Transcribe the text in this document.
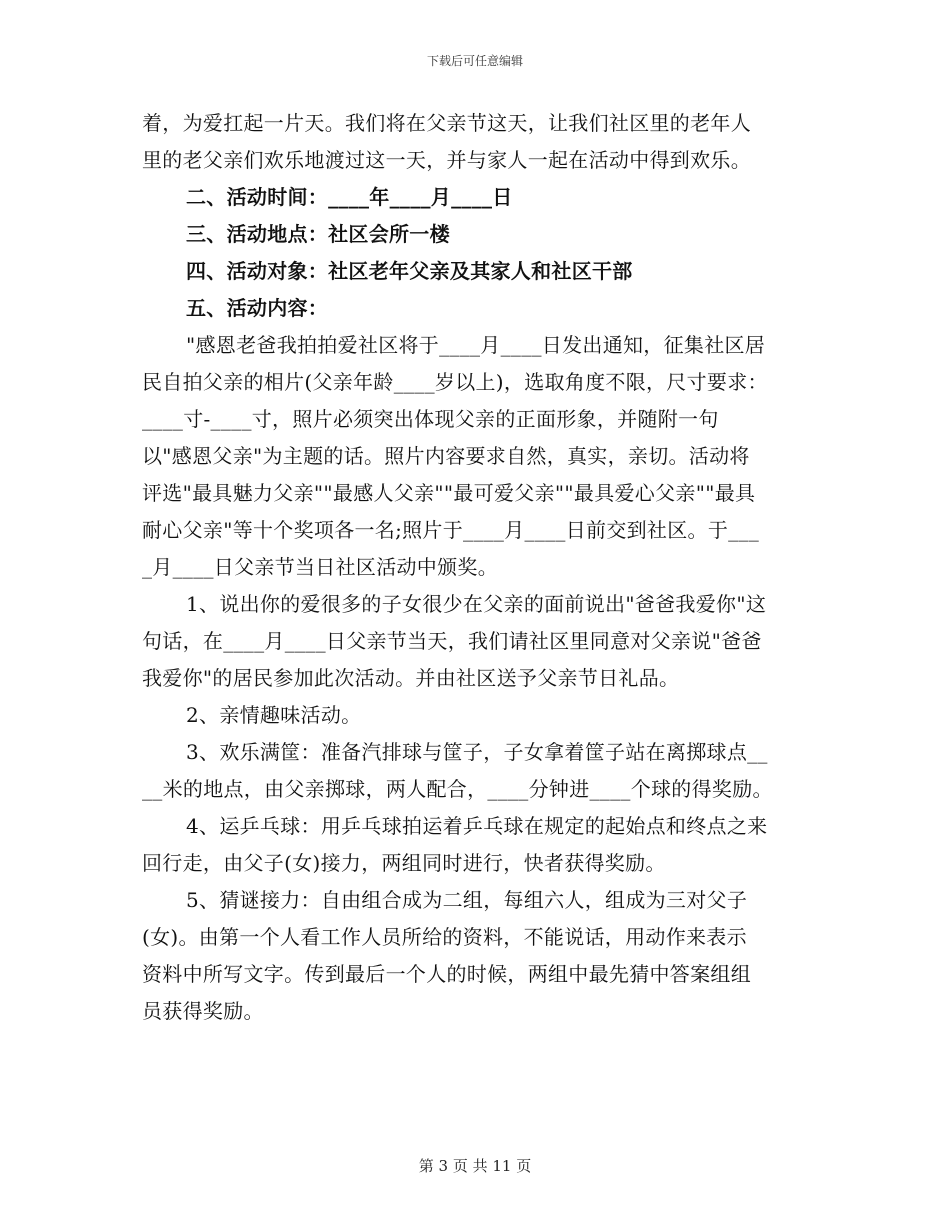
下载后可任意编辑
着，为爱扛起一片天。我们将在父亲节这天，让我们社区里的老年人
里的老父亲们欢乐地渡过这一天，并与家人一起在活动中得到欢乐。
二、活动时间：____年____月____日
三、活动地点：社区会所一楼
四、活动对象：社区老年父亲及其家人和社区干部
五、活动内容：
"感恩老爸我拍拍爱社区将于____月____日发出通知，征集社区居
民自拍父亲的相片(父亲年龄____岁以上)，选取角度不限，尺寸要求：
____寸-____寸，照片必须突出体现父亲的正面形象，并随附一句
以"感恩父亲"为主题的话。照片内容要求自然，真实，亲切。活动将
评选"最具魅力父亲""最感人父亲""最可爱父亲""最具爱心父亲""最具
耐心父亲"等十个奖项各一名;照片于____月____日前交到社区。于___
_月____日父亲节当日社区活动中颁奖。
1、说出你的爱很多的子女很少在父亲的面前说出"爸爸我爱你"这
句话，在____月____日父亲节当天，我们请社区里同意对父亲说"爸爸
我爱你"的居民参加此次活动。并由社区送予父亲节日礼品。
2、亲情趣味活动。
3、欢乐满筐：准备汽排球与筐子，子女拿着筐子站在离掷球点__
__米的地点，由父亲掷球，两人配合，____分钟进____个球的得奖励。
4、运乒乓球：用乒乓球拍运着乒乓球在规定的起始点和终点之来
回行走，由父子(女)接力，两组同时进行，快者获得奖励。
5、猜谜接力：自由组合成为二组，每组六人，组成为三对父子
(女)。由第一个人看工作人员所给的资料，不能说话，用动作来表示
资料中所写文字。传到最后一个人的时候，两组中最先猜中答案组组
员获得奖励。
第 3 页 共 11 页
